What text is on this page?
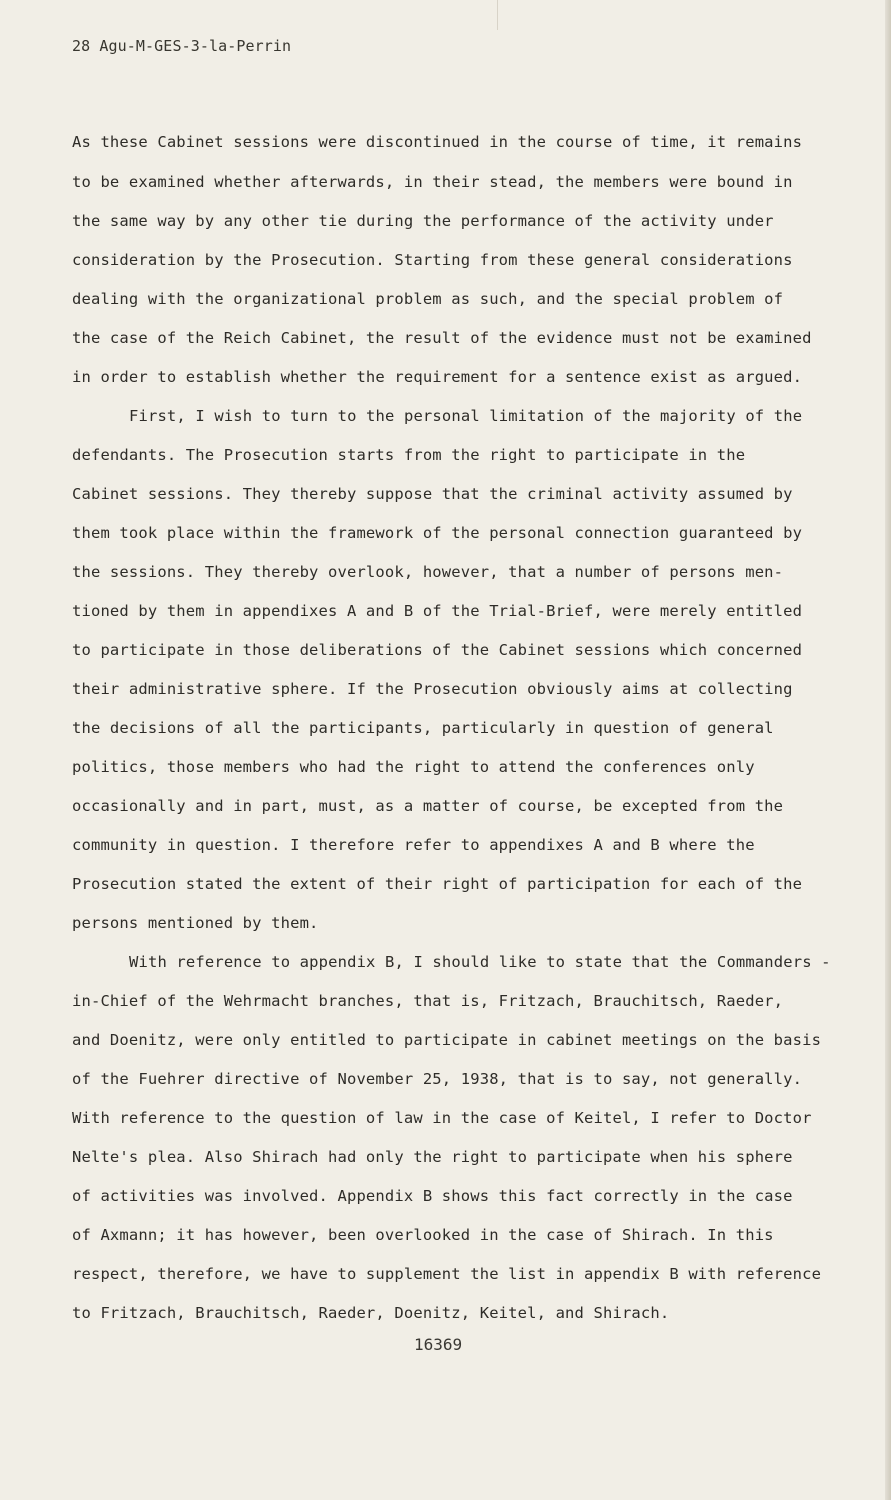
28 Agu-M-GES-3-la-Perrin
As these Cabinet sessions were discontinued in the course of time, it remains
to be examined whether afterwards, in their stead, the members were bound in
the same way by any other tie during the performance of the activity under
consideration by the Prosecution. Starting from these general considerations
dealing with the organizational problem as such, and the special problem of
the case of the Reich Cabinet, the result of the evidence must not be examined
in order to establish whether the requirement for a sentence exist as argued.
First, I wish to turn to the personal limitation of the majority of the
defendants. The Prosecution starts from the right to participate in the
Cabinet sessions. They thereby suppose that the criminal activity assumed by
them took place within the framework of the personal connection guaranteed by
the sessions. They thereby overlook, however, that a number of persons men-
tioned by them in appendixes A and B of the Trial-Brief, were merely entitled
to participate in those deliberations of the Cabinet sessions which concerned
their administrative sphere. If the Prosecution obviously aims at collecting
the decisions of all the participants, particularly in question of general
politics, those members who had the right to attend the conferences only
occasionally and in part, must, as a matter of course, be excepted from the
community in question. I therefore refer to appendixes A and B where the
Prosecution stated the extent of their right of participation for each of the
persons mentioned by them.
With reference to appendix B, I should like to state that the Commanders -
in-Chief of the Wehrmacht branches, that is, Fritzach, Brauchitsch, Raeder,
and Doenitz, were only entitled to participate in cabinet meetings on the basis
of the Fuehrer directive of November 25, 1938, that is to say, not generally.
With reference to the question of law in the case of Keitel, I refer to Doctor
Nelte's plea. Also Shirach had only the right to participate when his sphere
of activities was involved. Appendix B shows this fact correctly in the case
of Axmann; it has however, been overlooked in the case of Shirach. In this
respect, therefore, we have to supplement the list in appendix B with reference
to Fritzach, Brauchitsch, Raeder, Doenitz, Keitel, and Shirach.
16369
